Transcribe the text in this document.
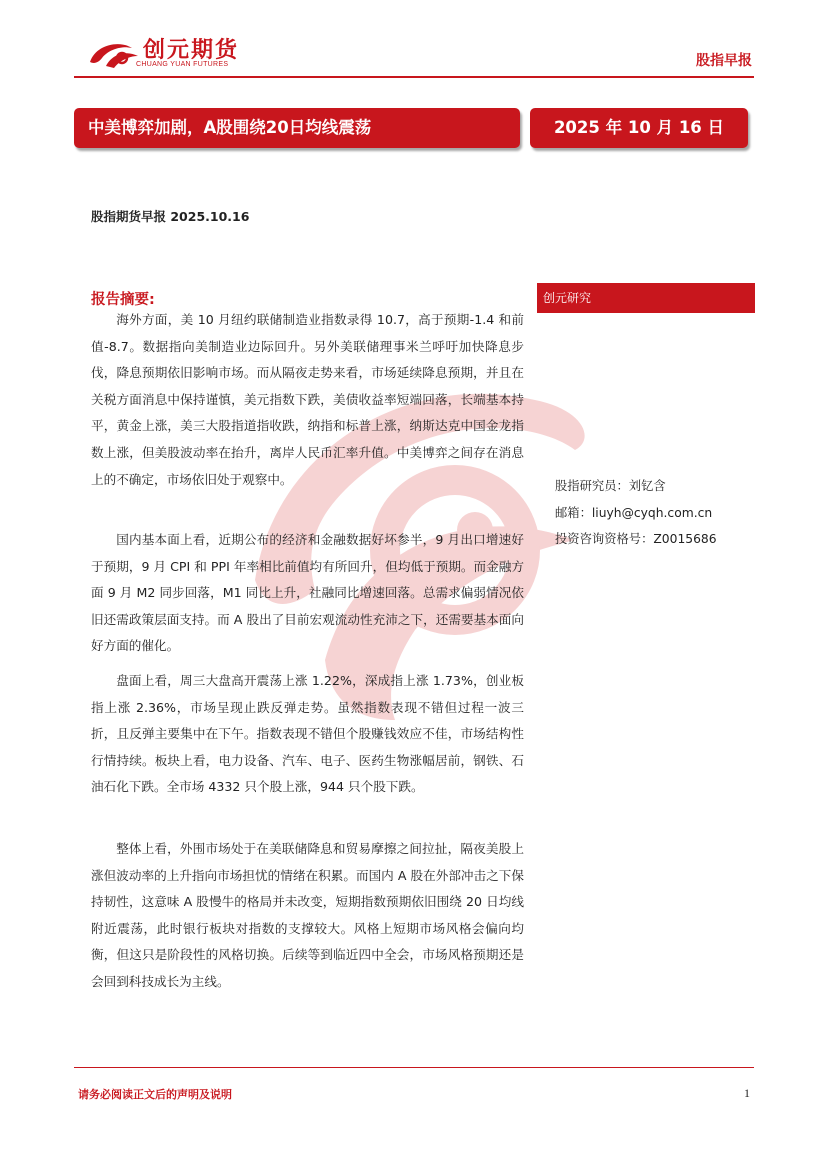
创元期货
CHUANG YUAN FUTURES	股指早报
中美博弈加剧，A股围绕20日均线震荡	2025 年 10 月 16 日
股指期货早报 2025.10.16
报告摘要:

海外方面，美 10 月纽约联储制造业指数录得 10.7，高于预期-1.4 和前值-8.7。数据指向美制造业边际回升。另外美联储理事米兰呼吁加快降息步伐，降息预期依旧影响市场。而从隔夜走势来看，市场延续降息预期，并且在关税方面消息中保持谨慎，美元指数下跌，美债收益率短端回落，长端基本持平，黄金上涨，美三大股指道指收跌，纳指和标普上涨，纳斯达克中国金龙指数上涨，但美股波动率在抬升，离岸人民币汇率升值。中美博弈之间存在消息上的不确定，市场依旧处于观察中。

国内基本面上看，近期公布的经济和金融数据好坏参半，9 月出口增速好于预期，9 月 CPI 和 PPI 年率相比前值均有所回升，但均低于预期。而金融方面 9 月 M2 同步回落，M1 同比上升，社融同比增速回落。总需求偏弱情况依旧还需政策层面支持。而 A 股出了目前宏观流动性充沛之下，还需要基本面向好方面的催化。

盘面上看，周三大盘高开震荡上涨 1.22%，深成指上涨 1.73%，创业板指上涨 2.36%，市场呈现止跌反弹走势。虽然指数表现不错但过程一波三折，且反弹主要集中在下午。指数表现不错但个股赚钱效应不佳，市场结构性行情持续。板块上看，电力设备、汽车、电子、医药生物涨幅居前，钢铁、石油石化下跌。全市场 4332 只个股上涨，944 只个股下跌。

整体上看，外围市场处于在美联储降息和贸易摩擦之间拉扯，隔夜美股上涨但波动率的上升指向市场担忧的情绪在积累。而国内 A 股在外部冲击之下保持韧性，这意味 A 股慢牛的格局并未改变，短期指数预期依旧围绕 20 日均线附近震荡，此时银行板块对指数的支撑较大。风格上短期市场风格会偏向均衡，但这只是阶段性的风格切换。后续等到临近四中全会，市场风格预期还是会回到科技成长为主线。

创元研究
股指研究员：刘钇含
邮箱：liuyh@cyqh.com.cn
投资咨询资格号：Z0015686
请务必阅读正文后的声明及说明	1
